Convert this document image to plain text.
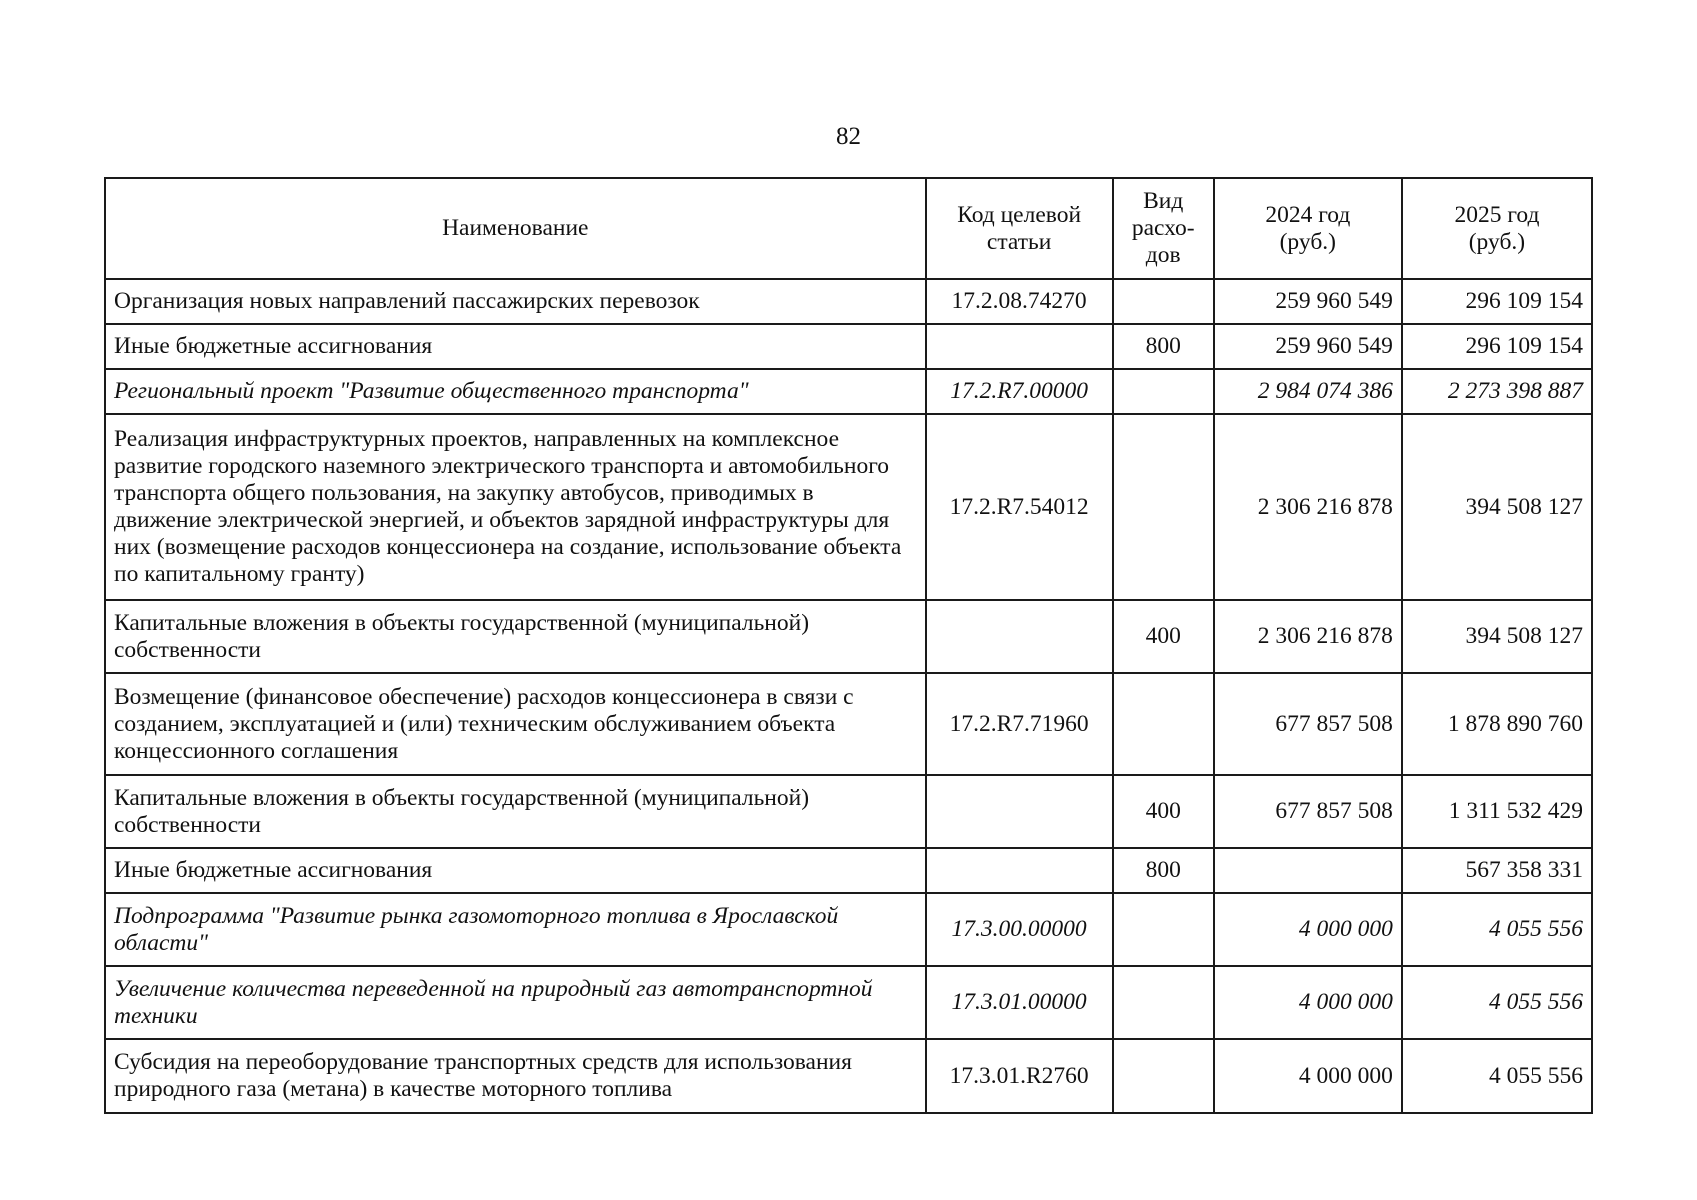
82
Наименование	Код целевой статьи	Вид расхо-дов	2024 год (руб.)	2025 год (руб.)

Организация новых направлений пассажирских перевозок	17.2.08.74270		259 960 549	296 109 154
Иные бюджетные ассигнования		800	259 960 549	296 109 154
Региональный проект "Развитие общественного транспорта"	17.2.R7.00000		2 984 074 386	2 273 398 887
Реализация инфраструктурных проектов, направленных на комплексное развитие городского наземного электрического транспорта и автомобильного транспорта общего пользования, на закупку автобусов, приводимых в движение электрической энергией, и объектов зарядной инфраструктуры для них (возмещение расходов концессионера на создание, использование объекта по капитальному гранту)	17.2.R7.54012		2 306 216 878	394 508 127
Капитальные вложения в объекты государственной (муниципальной) собственности		400	2 306 216 878	394 508 127
Возмещение (финансовое обеспечение) расходов концессионера в связи с созданием, эксплуатацией и (или) техническим обслуживанием объекта концессионного соглашения	17.2.R7.71960		677 857 508	1 878 890 760
Капитальные вложения в объекты государственной (муниципальной) собственности		400	677 857 508	1 311 532 429
Иные бюджетные ассигнования		800		567 358 331
Подпрограмма "Развитие рынка газомоторного топлива в Ярославской области"	17.3.00.00000		4 000 000	4 055 556
Увеличение количества переведенной на природный газ автотранспортной техники	17.3.01.00000		4 000 000	4 055 556
Субсидия на переоборудование транспортных средств для использования природного газа (метана) в качестве моторного топлива	17.3.01.R2760		4 000 000	4 055 556
